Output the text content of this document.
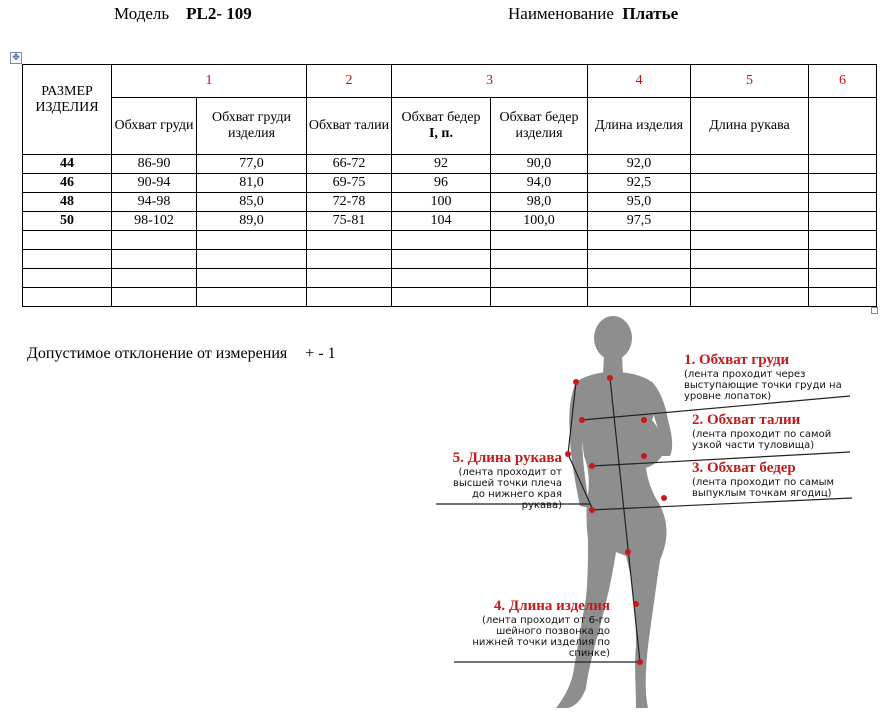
Модель PL2- 109	Наименование Платье
✥
РАЗМЕР ИЗДЕЛИЯ	1		2	3		4	5	6
	Обхват груди	Обхват груди изделия	Обхват талии	Обхват бедер
I, п.	Обхват бедер изделия	Длина изделия	Длина рукава	
44	86-90	77,0	66-72	92	90,0	92,0		
46	90-94	81,0	69-75	96	94,0	92,5		
48	94-98	85,0	72-78	100	98,0	95,0		
50	98-102	89,0	75-81	104	100,0	97,5		

Допустимое отклонение от измерения + - 1	1. Обхват груди
(лента проходит через выступающие точки груди на уровне лопаток)
2. Обхват талии
(лента проходит по самой узкой части туловища)
3. Обхват бедер
(лента проходит по самым выпуклым точкам ягодиц)
4. Длина изделия
(лента проходит от 6-го шейного позвонка до нижней точки изделия по спинке)
5. Длина рукава
(лента проходит от высшей точки плеча до нижнего края рукава)
